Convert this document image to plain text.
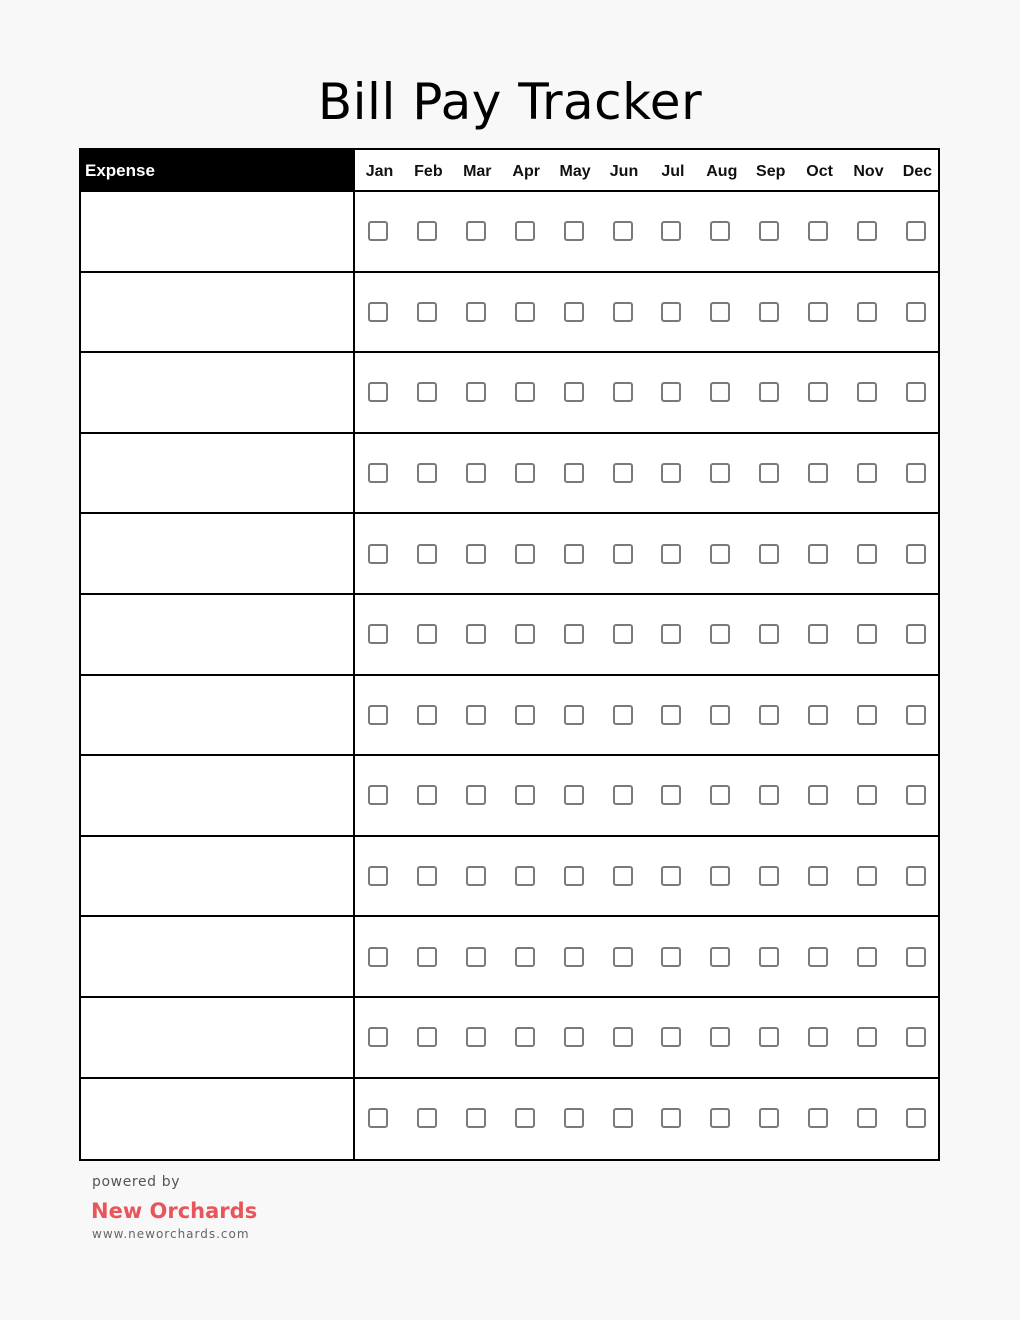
Bill Pay Tracker
Expense	Jan	Feb	Mar	Apr	May	Jun	Jul	Aug	Sep	Oct	Nov	Dec
powered by
New Orchards
www.neworchards.com
